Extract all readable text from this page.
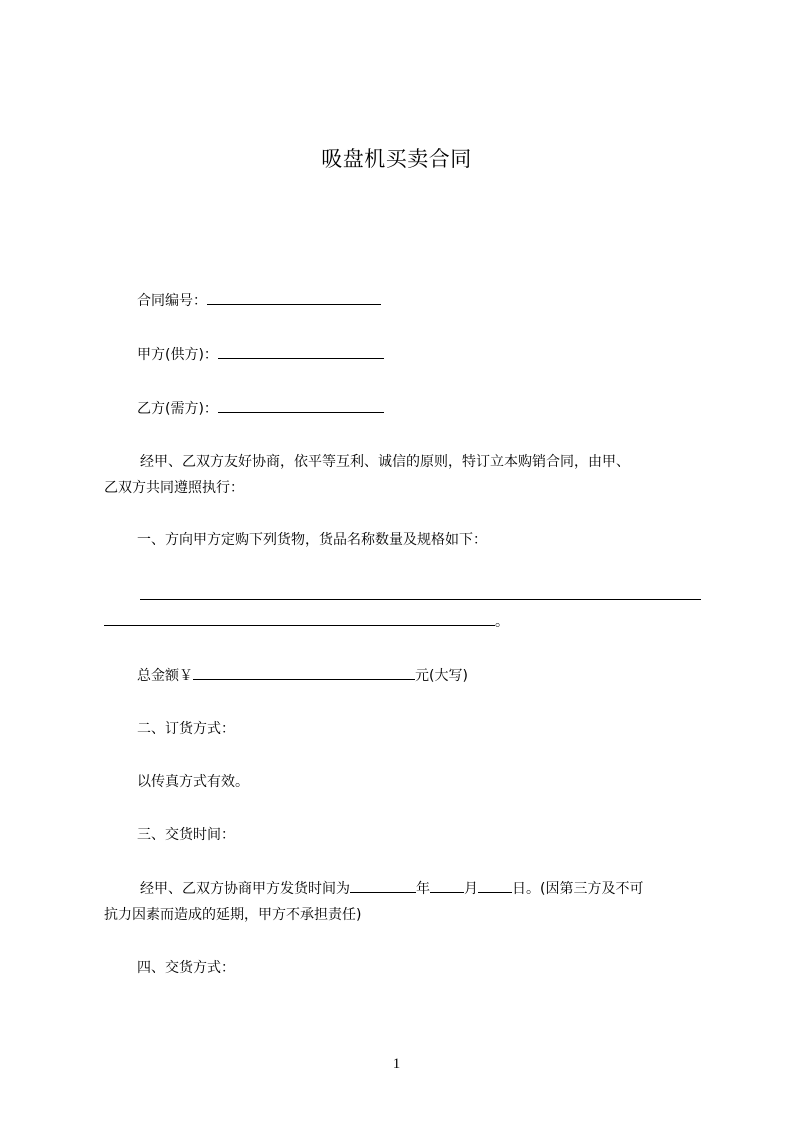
吸盘机买卖合同
合同编号：
甲方(供方)：
乙方(需方)：
经甲、乙双方友好协商，依平等互利、诚信的原则，特订立本购销合同，由甲、
乙双方共同遵照执行：
一、方向甲方定购下列货物，货品名称数量及规格如下：
。
总金额￥	元(大写)
二、订货方式：
以传真方式有效。
三、交货时间：
经甲、乙双方协商甲方发货时间为	年 月 日。(因第三方及不可
抗力因素而造成的延期，甲方不承担责任)
四、交货方式：
1
